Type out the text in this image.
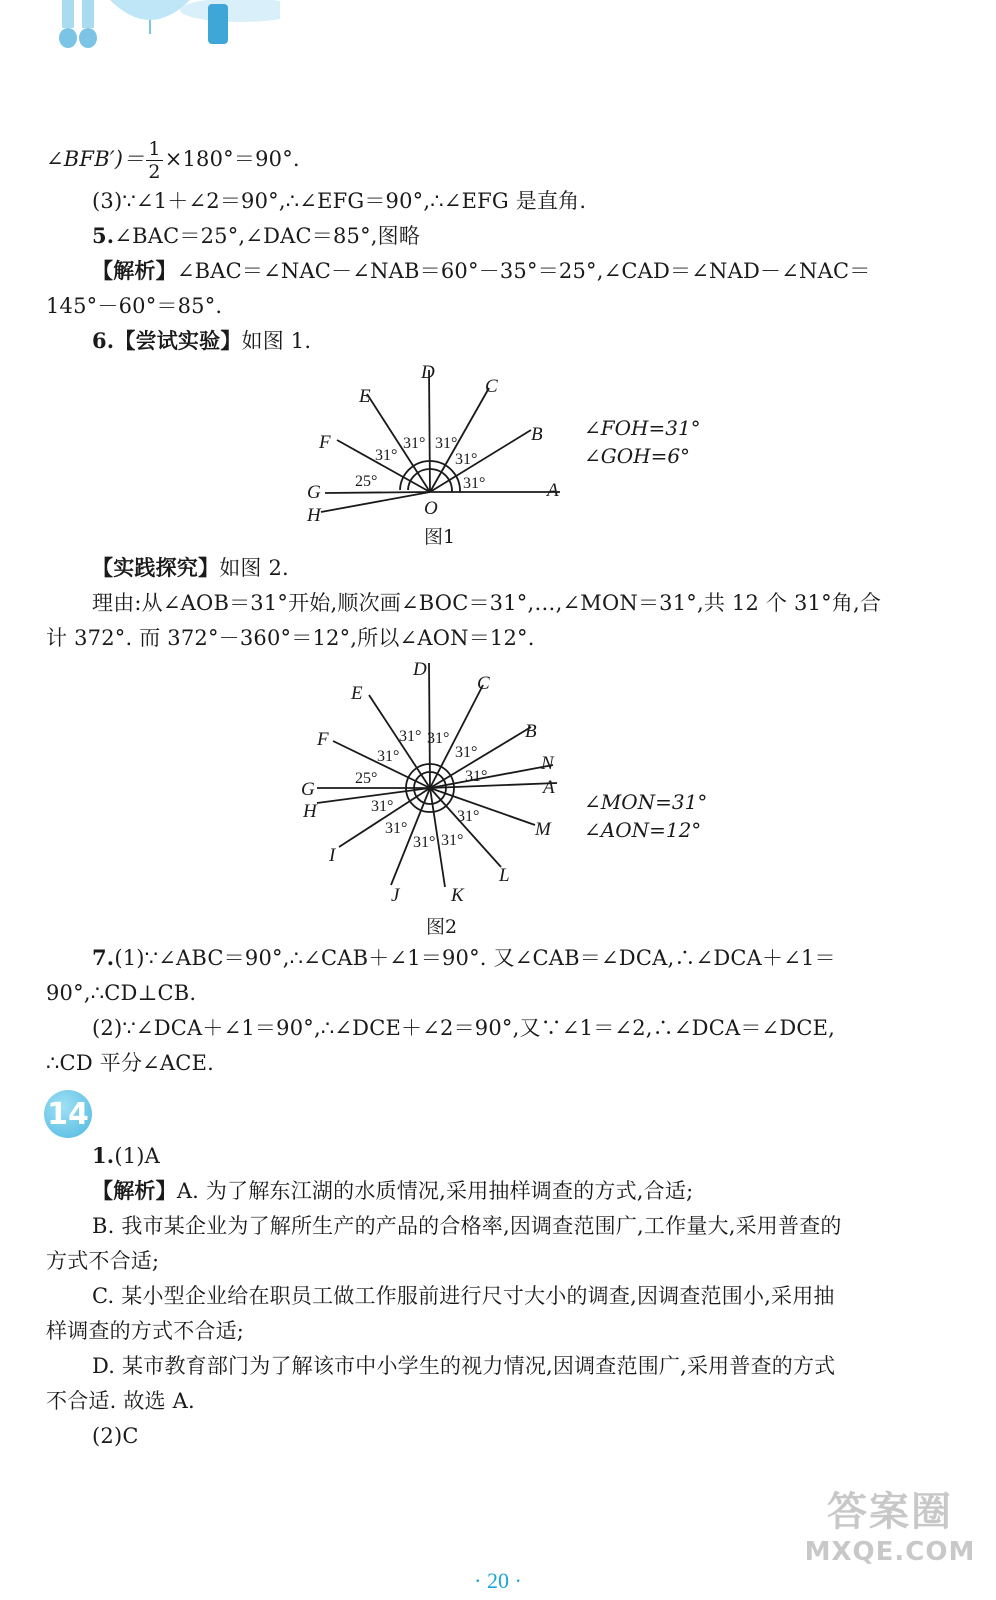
∠BFB′)＝ $\frac{1}{2} \times 180^\circ=90^\circ$.
(3)∵∠1＋∠2＝90°,∴∠EFG＝90°,∴∠EFG 是直角.
5.∠BAC＝25°,∠DAC＝85°,图略
【解析】∠BAC＝∠NAC－∠NAB＝60°－35°＝25°,∠CAD＝∠NAD－∠NAC＝
145°－60°＝85°.
6.【尝试实验】如图 1.
A
B
C
D
E
F
G
H
31°
31°
31°
31°
31°
25°
O
∠FOH=31°
∠GOH=6°
图1
【实践探究】如图 2.
理由:从∠AOB＝31°开始,顺次画∠BOC＝31°,…,∠MON＝31°,共 12 个 31°角,合
计 372°. 而 372°－360°＝12°,所以∠AON＝12°.
A
N
B
C
D
E
F
G
H
I
J	K
L
M
31°
31°
31°
31°
31°
25°
31°
31°
31° 31°
31°
∠MON=31°
∠AON=12°
图2
7.(1)∵∠ABC＝90°,∴∠CAB＋∠1＝90°. 又∠CAB＝∠DCA,∴∠DCA＋∠1＝
90°,∴CD⊥CB.
(2)∵∠DCA＋∠1＝90°,∴∠DCE＋∠2＝90°,又∵∠1＝∠2,∴∠DCA＝∠DCE,
∴CD 平分∠ACE.
14
1.(1)A
【解析】A. 为了解东江湖的水质情况,采用抽样调查的方式,合适;
B. 我市某企业为了解所生产的产品的合格率,因调查范围广,工作量大,采用普查的
方式不合适;
C. 某小型企业给在职员工做工作服前进行尺寸大小的调查,因调查范围小,采用抽
样调查的方式不合适;
D. 某市教育部门为了解该市中小学生的视力情况,因调查范围广,采用普查的方式
不合适. 故选 A.
(2)C
答案圈
MXQE.COM
· 20 ·
